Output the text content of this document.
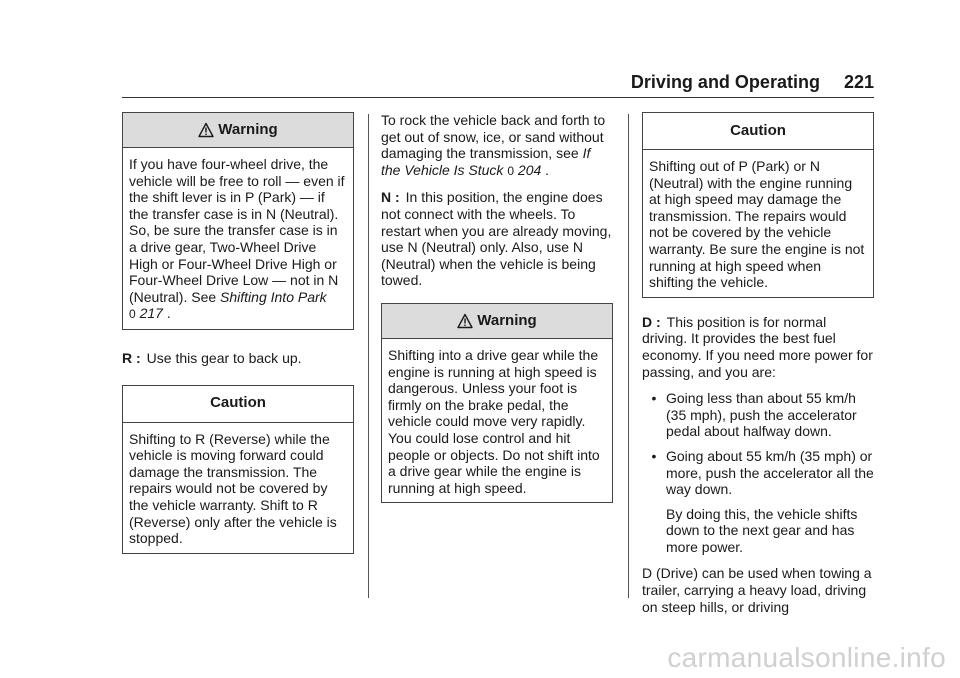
Driving and Operating 221
Warning
If you have four-wheel drive, the vehicle will be free to roll — even if the shift lever is in P (Park) — if the transfer case is in N (Neutral). So, be sure the transfer case is in a drive gear, Two-Wheel Drive High or Four-Wheel Drive High or Four-Wheel Drive Low — not in N (Neutral). See Shifting Into Park
0 217 .

R : Use this gear to back up.

Caution
Shifting to R (Reverse) while the vehicle is moving forward could damage the transmission. The repairs would not be covered by the vehicle warranty. Shift to R (Reverse) only after the vehicle is stopped.

To rock the vehicle back and forth to get out of snow, ice, or sand without damaging the transmission, see If the Vehicle Is Stuck 0 204 .

N : In this position, the engine does not connect with the wheels. To restart when you are already moving, use N (Neutral) only. Also, use N (Neutral) when the vehicle is being towed.

Warning
Shifting into a drive gear while the engine is running at high speed is dangerous. Unless your foot is firmly on the brake pedal, the vehicle could move very rapidly. You could lose control and hit people or objects. Do not shift into a drive gear while the engine is running at high speed.
Caution
Shifting out of P (Park) or N (Neutral) with the engine running at high speed may damage the transmission. The repairs would not be covered by the vehicle warranty. Be sure the engine is not running at high speed when shifting the vehicle.

D : This position is for normal driving. It provides the best fuel economy. If you need more power for passing, and you are:

• Going less than about 55 km/h (35 mph), push the accelerator pedal about halfway down.
• Going about 55 km/h (35 mph) or more, push the accelerator all the way down.

By doing this, the vehicle shifts down to the next gear and has more power.

D (Drive) can be used when towing a trailer, carrying a heavy load, driving on steep hills, or driving

carmanualsonline.info
